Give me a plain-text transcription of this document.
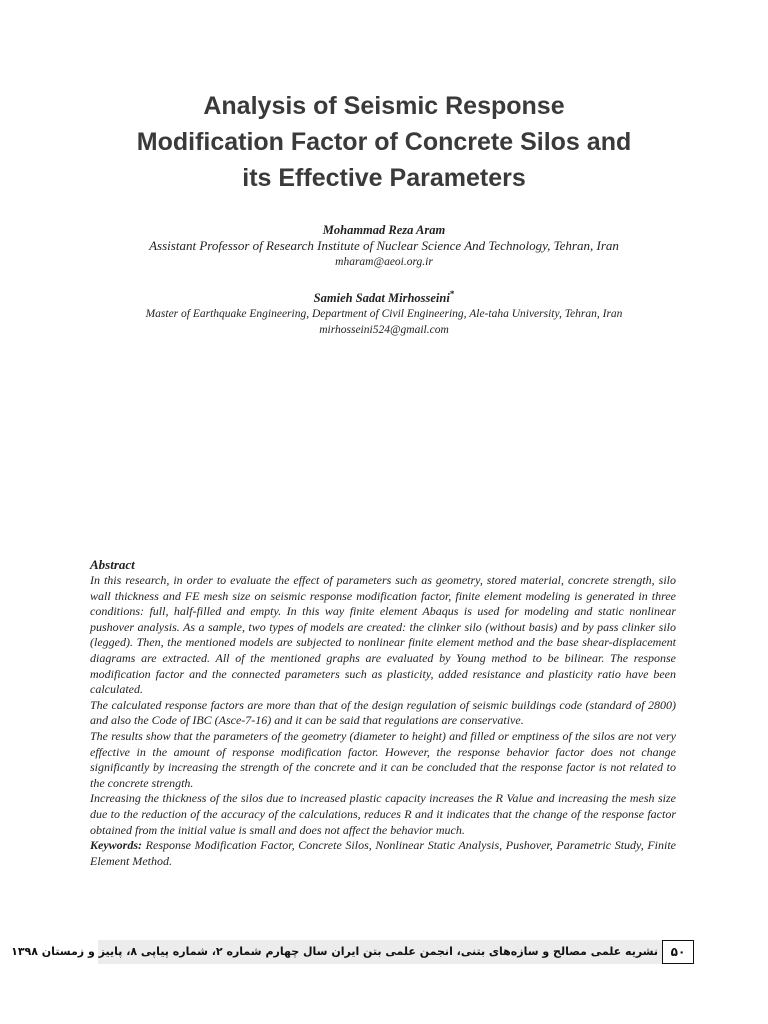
Analysis of Seismic Response
Modification Factor of Concrete Silos and
its Effective Parameters
Mohammad Reza Aram
Assistant Professor of Research Institute of Nuclear Science And Technology, Tehran, Iran
mharam@aeoi.org.ir
Samieh Sadat Mirhosseini*
Master of Earthquake Engineering, Department of Civil Engineering, Ale-taha University, Tehran, Iran
mirhosseini524@gmail.com
Abstract

In this research, in order to evaluate the effect of parameters such as geometry, stored material, concrete strength, silo wall thickness and FE mesh size on seismic response modification factor, finite element modeling is generated in three conditions: full, half-filled and empty. In this way finite element Abaqus is used for modeling and static nonlinear pushover analysis. As a sample, two types of models are created: the clinker silo (without basis) and by pass clinker silo (legged). Then, the mentioned models are subjected to nonlinear finite element method and the base shear-displacement diagrams are extracted. All of the mentioned graphs are evaluated by Young method to be bilinear. The response modification factor and the connected parameters such as plasticity, added resistance and plasticity ratio have been calculated.

The calculated response factors are more than that of the design regulation of seismic buildings code (standard of 2800) and also the Code of IBC (Asce-7-16) and it can be said that regulations are conservative.

The results show that the parameters of the geometry (diameter to height) and filled or emptiness of the silos are not very effective in the amount of response modification factor. However, the response behavior factor does not change significantly by increasing the strength of the concrete and it can be concluded that the response factor is not related to the concrete strength.

Increasing the thickness of the silos due to increased plastic capacity increases the R Value and increasing the mesh size due to the reduction of the accuracy of the calculations, reduces R and it indicates that the change of the response factor obtained from the initial value is small and does not affect the behavior much.

Keywords: Response Modification Factor, Concrete Silos, Nonlinear Static Analysis, Pushover, Parametric Study, Finite Element Method.

نشریه علمی مصالح و سازه‌های بتنی، انجمن علمی بتن ایران سال چهارم شماره ۲، شماره پیاپی ۸، پاییز و زمستان ۱۳۹۸	۵۰
